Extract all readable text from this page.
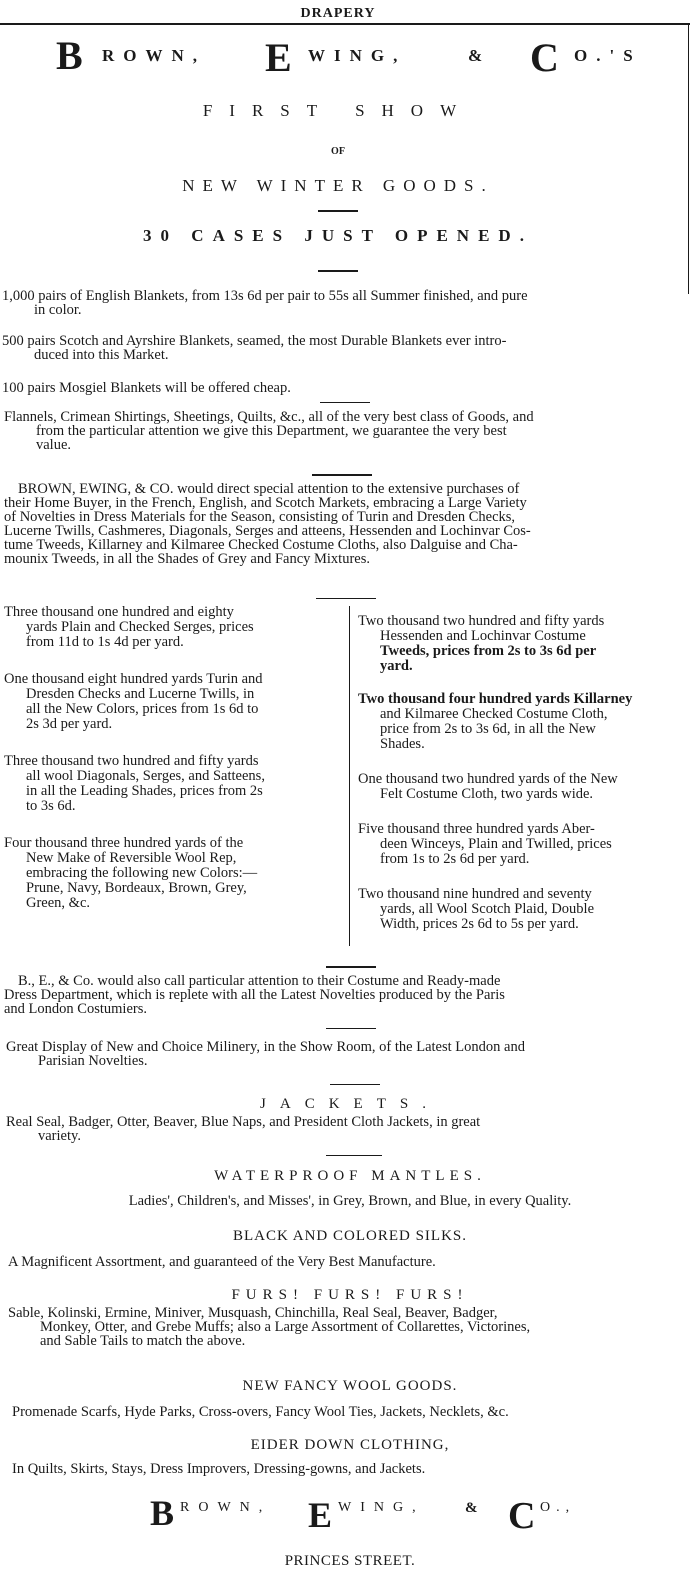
DRAPERY
B ROWN, E WING,	& C O.'S
FIRST SHOW
OF
NEW WINTER GOODS.
30 CASES JUST OPENED.
1,000 pairs of English Blankets, from 13s 6d per pair to 55s all Summer finished, and pure
in color.
500 pairs Scotch and Ayrshire Blankets, seamed, the most Durable Blankets ever intro-
duced into this Market.
100 pairs Mosgiel Blankets will be offered cheap.
Flannels, Crimean Shirtings, Sheetings, Quilts, &c., all of the very best class of Goods, and
from the particular attention we give this Department, we guarantee the very best
value.
BROWN, EWING, & CO. would direct special attention to the extensive purchases of
their Home Buyer, in the French, English, and Scotch Markets, embracing a Large Variety
of Novelties in Dress Materials for the Season, consisting of Turin and Dresden Checks,
Lucerne Twills, Cashmeres, Diagonals, Serges and atteens, Hessenden and Lochinvar Cos-
tume Tweeds, Killarney and Kilmaree Checked Costume Cloths, also Dalguise and Cha-
mounix Tweeds, in all the Shades of Grey and Fancy Mixtures.

Three thousand one hundred and eighty

yards Plain and Checked Serges, prices

from 11d to 1s 4d per yard.

One thousand eight hundred yards Turin and

Dresden Checks and Lucerne Twills, in

all the New Colors, prices from 1s 6d to

2s 3d per yard.

Three thousand two hundred and fifty yards

all wool Diagonals, Serges, and Satteens,

in all the Leading Shades, prices from 2s

to 3s 6d.

Four thousand three hundred yards of the

New Make of Reversible Wool Rep,

embracing the following new Colors:—

Prune, Navy, Bordeaux, Brown, Grey,

Green, &c.

Two thousand two hundred and fifty yards

Hessenden and Lochinvar Costume

Tweeds, prices from 2s to 3s 6d per

yard.

Two thousand four hundred yards Killarney

and Kilmaree Checked Costume Cloth,

price from 2s to 3s 6d, in all the New

Shades.

One thousand two hundred yards of the New

Felt Costume Cloth, two yards wide.

Five thousand three hundred yards Aber-

deen Winceys, Plain and Twilled, prices

from 1s to 2s 6d per yard.

Two thousand nine hundred and seventy

yards, all Wool Scotch Plaid, Double

Width, prices 2s 6d to 5s per yard.

B., E., & Co. would also call particular attention to their Costume and Ready-made
Dress Department, which is replete with all the Latest Novelties produced by the Paris
and London Costumiers.
Great Display of New and Choice Milinery, in the Show Room, of the Latest London and
Parisian Novelties.
JACKETS.
Real Seal, Badger, Otter, Beaver, Blue Naps, and President Cloth Jackets, in great
variety.
WATERPROOF MANTLES.
Ladies', Children's, and Misses', in Grey, Brown, and Blue, in every Quality.
BLACK AND COLORED SILKS.
A Magnificent Assortment, and guaranteed of the Very Best Manufacture.
FURS! FURS! FURS!
Sable, Kolinski, Ermine, Miniver, Musquash, Chinchilla, Real Seal, Beaver, Badger,
Monkey, Otter, and Grebe Muffs; also a Large Assortment of Collarettes, Victorines,
and Sable Tails to match the above.
NEW FANCY WOOL GOODS.
Promenade Scarfs, Hyde Parks, Cross-overs, Fancy Wool Ties, Jackets, Necklets, &c.
EIDER DOWN CLOTHING,
In Quilts, Skirts, Stays, Dress Improvers, Dressing-gowns, and Jackets.
B ROWN, E WING,	& C O.,
PRINCES STREET.
